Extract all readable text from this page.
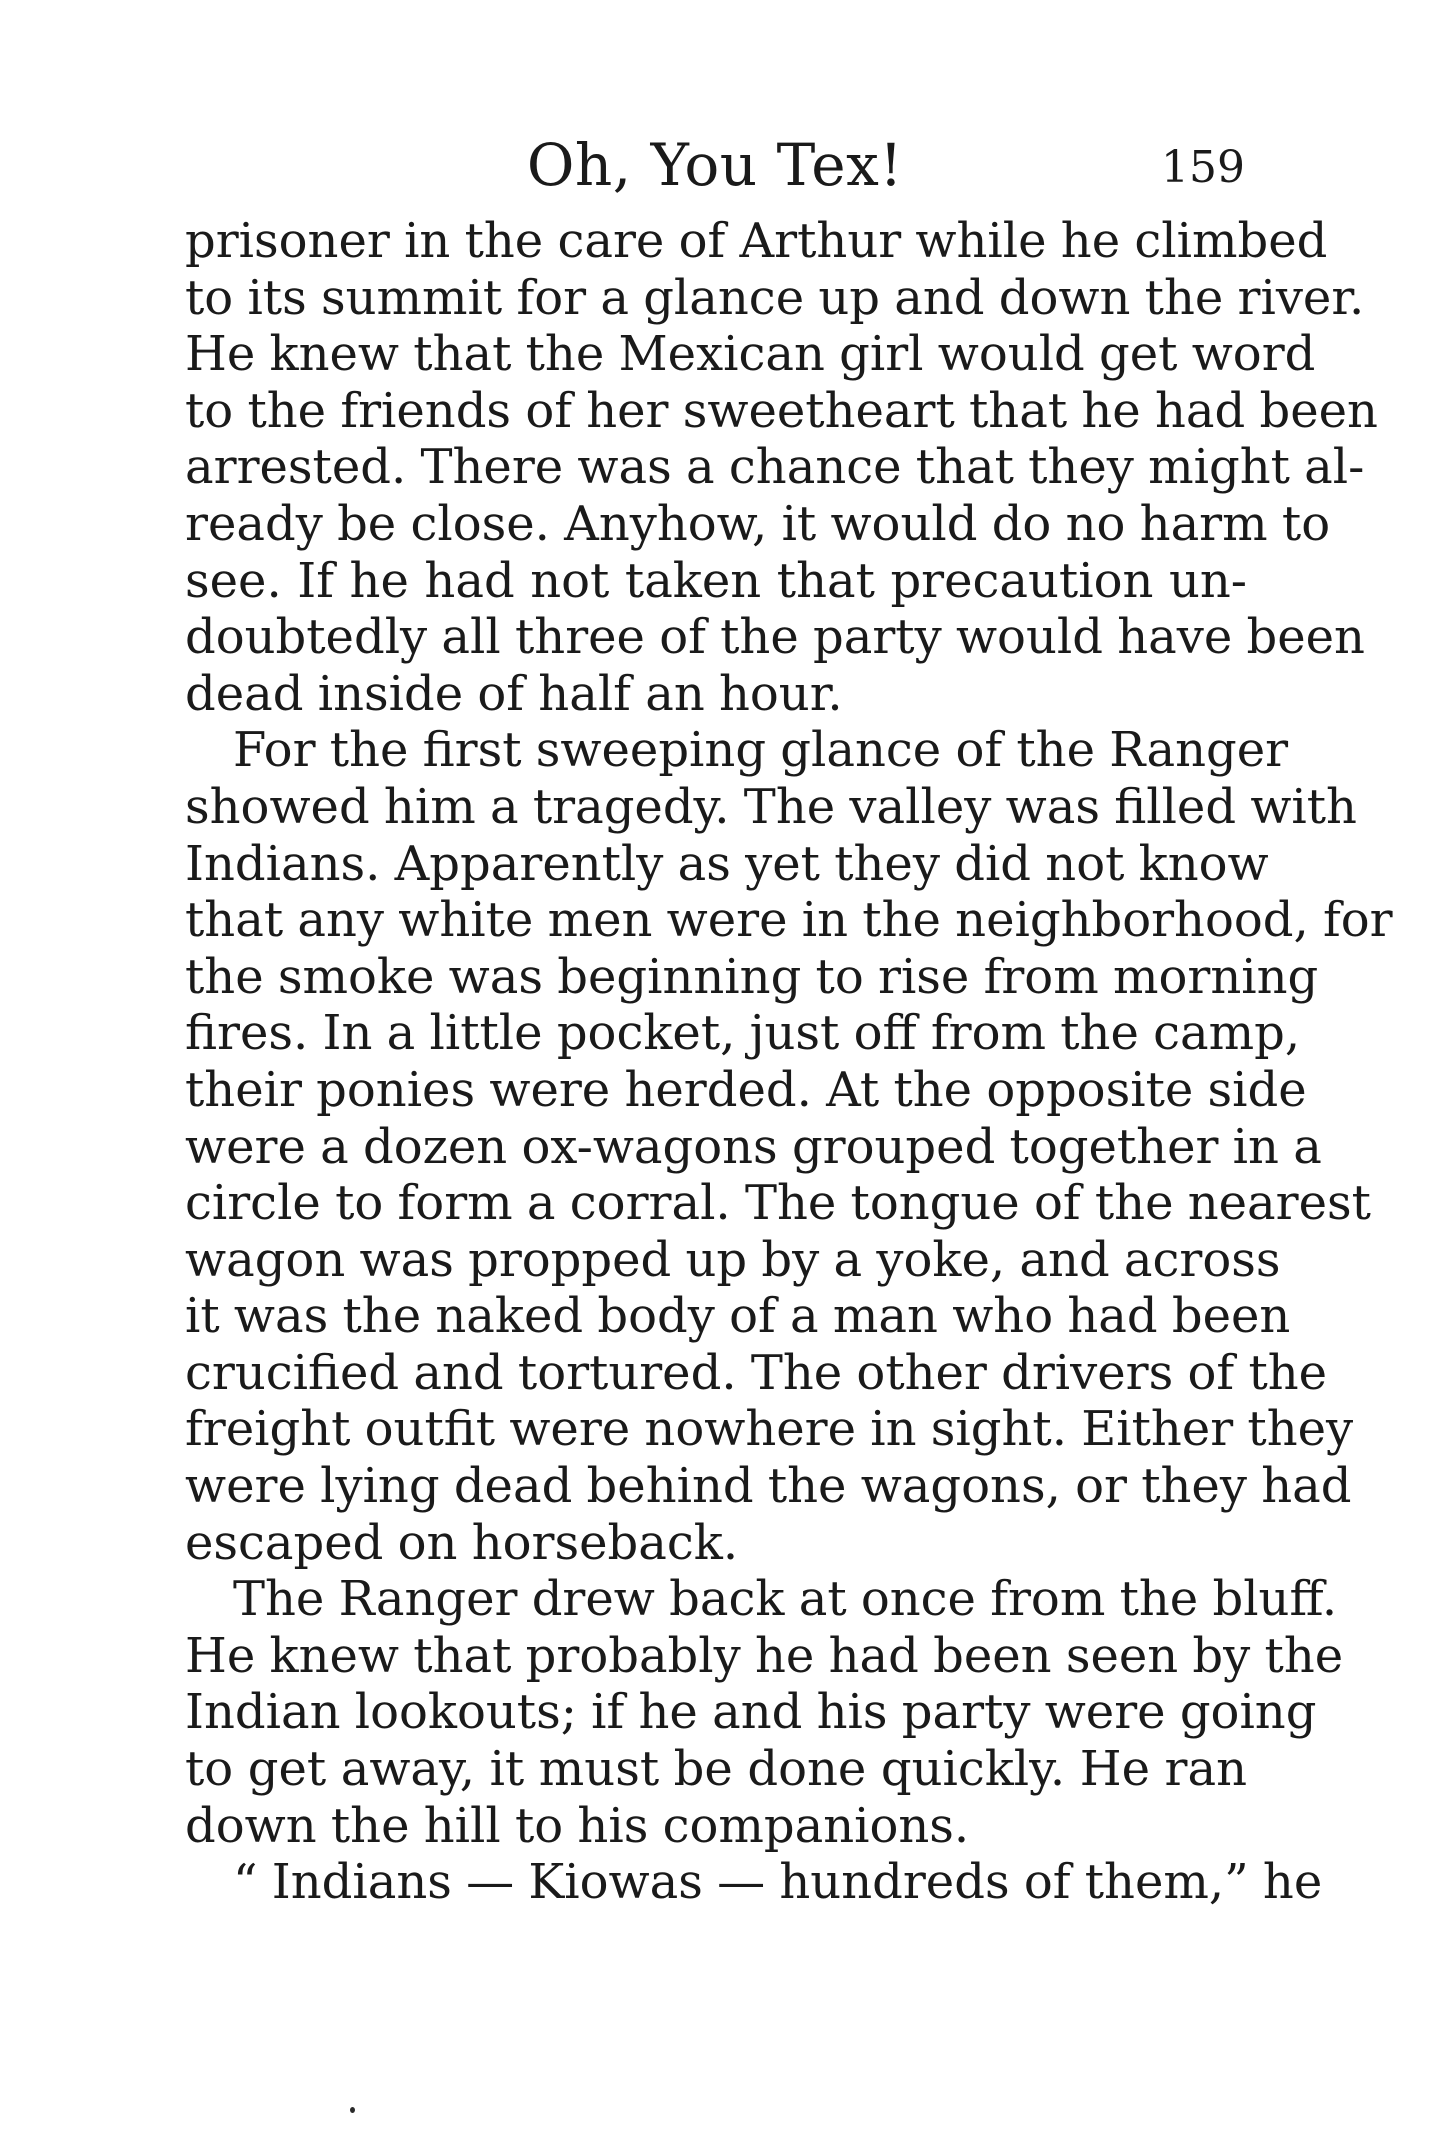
Oh, You Tex!	159
prisoner in the care of Arthur while he climbed
to its summit for a glance up and down the river.
He knew that the Mexican girl would get word
to the friends of her sweetheart that he had been
arrested. There was a chance that they might al-
ready be close. Anyhow, it would do no harm to
see. If he had not taken that precaution un-
doubtedly all three of the party would have been
dead inside of half an hour.
For the first sweeping glance of the Ranger
showed him a tragedy. The valley was filled with
Indians. Apparently as yet they did not know
that any white men were in the neighborhood, for
the smoke was beginning to rise from morning
fires. In a little pocket, just off from the camp,
their ponies were herded. At the opposite side
were a dozen ox-wagons grouped together in a
circle to form a corral. The tongue of the nearest
wagon was propped up by a yoke, and across
it was the naked body of a man who had been
crucified and tortured. The other drivers of the
freight outfit were nowhere in sight. Either they
were lying dead behind the wagons, or they had
escaped on horseback.
The Ranger drew back at once from the bluff.
He knew that probably he had been seen by the
Indian lookouts; if he and his party were going
to get away, it must be done quickly. He ran
down the hill to his companions.
“ Indians — Kiowas — hundreds of them,” he
